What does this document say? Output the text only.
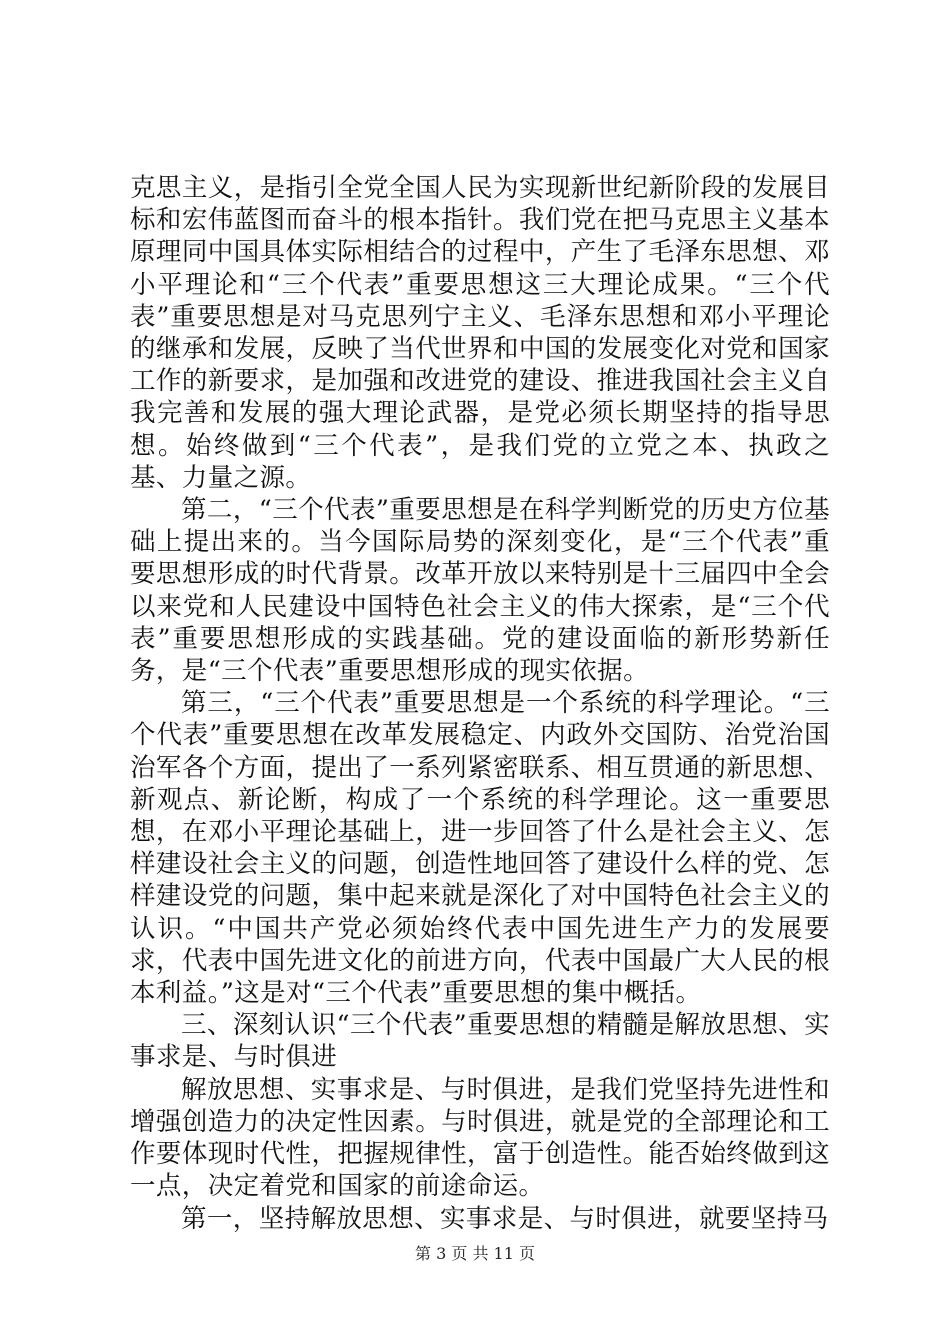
克思主义，是指引全党全国人民为实现新世纪新阶段的发展目标和宏伟蓝图而奋斗的根本指针。我们党在把马克思主义基本原理同中国具体实际相结合的过程中，产生了毛泽东思想、邓小平理论和“三个代表”重要思想这三大理论成果。“三个代表”重要思想是对马克思列宁主义、毛泽东思想和邓小平理论的继承和发展，反映了当代世界和中国的发展变化对党和国家工作的新要求，是加强和改进党的建设、推进我国社会主义自我完善和发展的强大理论武器，是党必须长期坚持的指导思想。始终做到“三个代表”，是我们党的立党之本、执政之基、力量之源。

第二，“三个代表”重要思想是在科学判断党的历史方位基础上提出来的。当今国际局势的深刻变化，是“三个代表”重要思想形成的时代背景。改革开放以来特别是十三届四中全会以来党和人民建设中国特色社会主义的伟大探索，是“三个代表”重要思想形成的实践基础。党的建设面临的新形势新任务，是“三个代表”重要思想形成的现实依据。

第三，“三个代表”重要思想是一个系统的科学理论。“三个代表”重要思想在改革发展稳定、内政外交国防、治党治国治军各个方面，提出了一系列紧密联系、相互贯通的新思想、新观点、新论断，构成了一个系统的科学理论。这一重要思想，在邓小平理论基础上，进一步回答了什么是社会主义、怎样建设社会主义的问题，创造性地回答了建设什么样的党、怎样建设党的问题，集中起来就是深化了对中国特色社会主义的认识。“中国共产党必须始终代表中国先进生产力的发展要求，代表中国先进文化的前进方向，代表中国最广大人民的根本利益。”这是对“三个代表”重要思想的集中概括。

三、深刻认识“三个代表”重要思想的精髓是解放思想、实事求是、与时俱进

解放思想、实事求是、与时俱进，是我们党坚持先进性和增强创造力的决定性因素。与时俱进，就是党的全部理论和工作要体现时代性，把握规律性，富于创造性。能否始终做到这一点，决定着党和国家的前途命运。

第一，坚持解放思想、实事求是、与时俱进，就要坚持马

第 3 页 共 11 页
